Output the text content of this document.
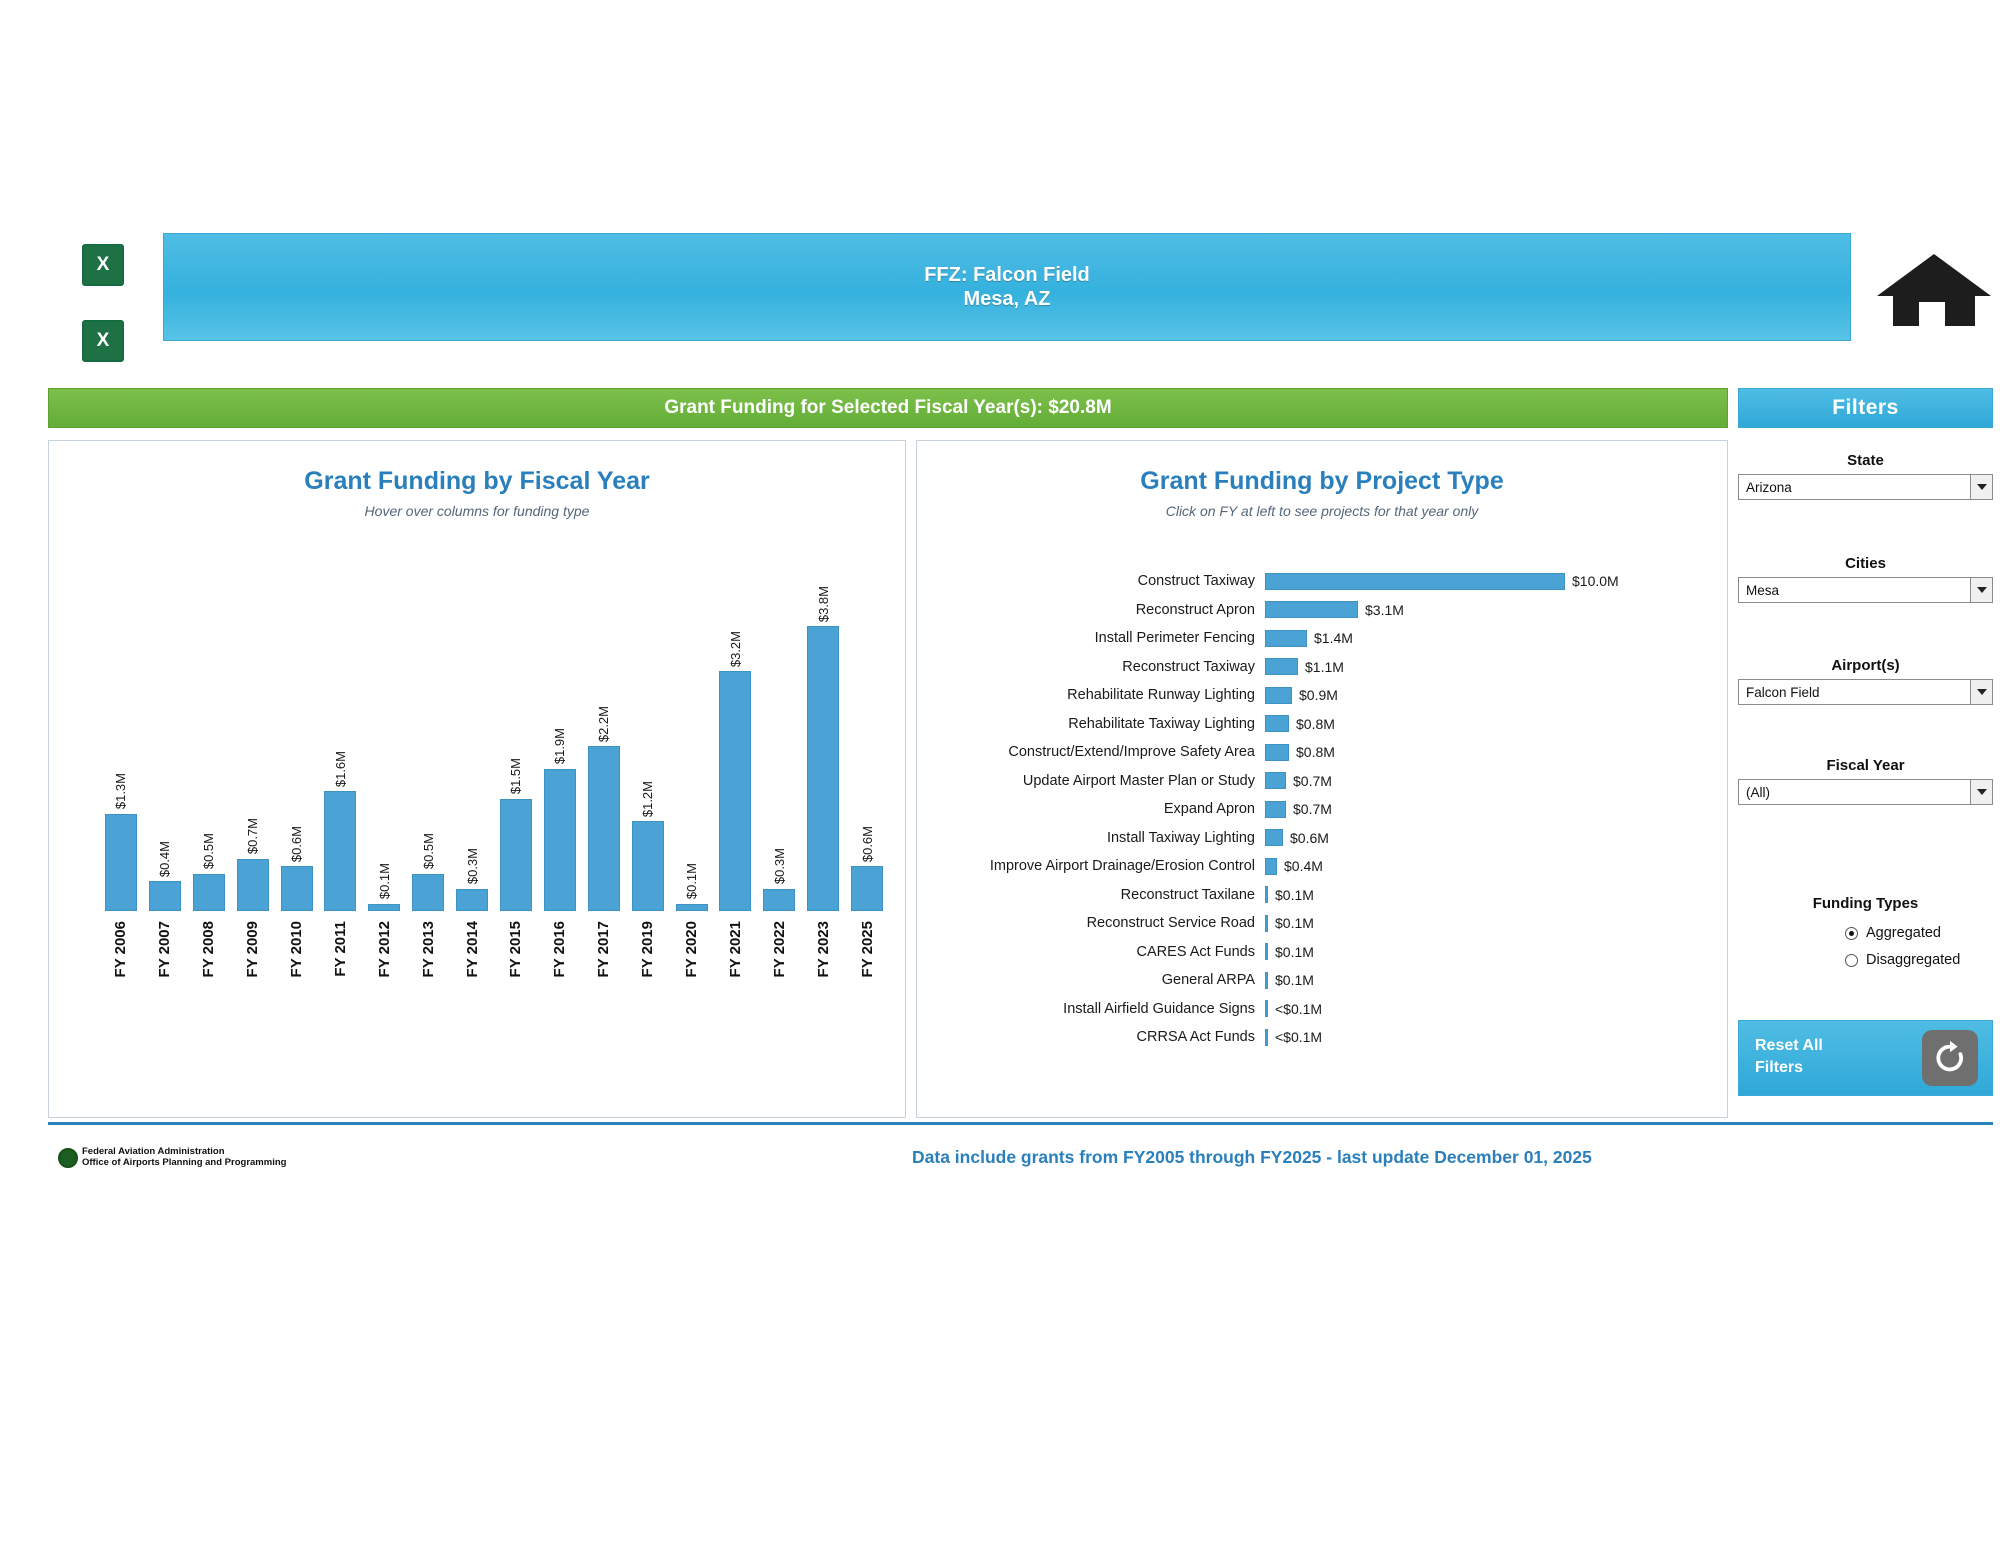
X
X
FFZ: Falcon Field
Mesa, AZ
Grant Funding for Selected Fiscal Year(s): $20.8M	Filters
Grant Funding by Fiscal Year
Hover over columns for funding type
$1.3M
$0.4M $0.5M $0.7M $0.6M
$1.6M
$0.1M
$0.5M $0.3M
$1.5M
$1.9M
$2.2M
$1.2M
$0.1M
$3.2M
$0.3M
$3.8M
$0.6M
FY 2006 FY 2007 FY 2008 FY 2009 FY 2010 FY 2011 FY 2012 FY 2013 FY 2014 FY 2015 FY 2016 FY 2017 FY 2019 FY 2020 FY 2021 FY 2022 FY 2023 FY 2025
Grant Funding by Project Type
Click on FY at left to see projects for that year only
Construct Taxiway	$10.0M
Reconstruct Apron	$3.1M
Install Perimeter Fencing	$1.4M
Reconstruct Taxiway	$1.1M
Rehabilitate Runway Lighting	$0.9M
Rehabilitate Taxiway Lighting	$0.8M
Construct/Extend/Improve Safety Area	$0.8M
Update Airport Master Plan or Study	$0.7M
Expand Apron	$0.7M
Install Taxiway Lighting	$0.6M
Improve Airport Drainage/Erosion Control	$0.4M
Reconstruct Taxilane	$0.1M
Reconstruct Service Road	$0.1M
CARES Act Funds	$0.1M
General ARPA	$0.1M
Install Airfield Guidance Signs	<$0.1M
CRRSA Act Funds	<$0.1M
State
Arizona
Cities
Mesa
Airport(s)
Falcon Field
Fiscal Year
(All)
Funding Types
Aggregated
Disaggregated
Reset All
Filters
Federal Aviation Administration
Office of Airports Planning and Programming	Data include grants from FY2005 through FY2025 - last update December 01, 2025
